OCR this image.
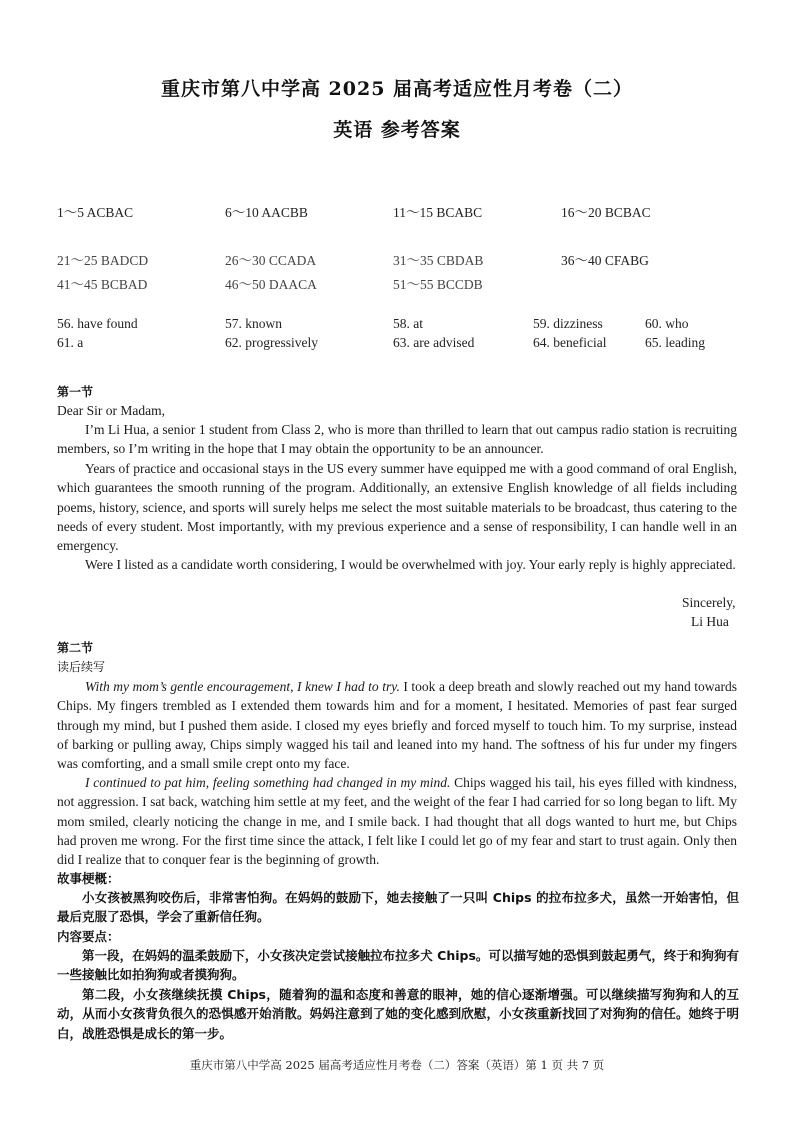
重庆市第八中学高 2025 届高考适应性月考卷（二）
英语 参考答案
1～5 ACBAC	6～10 AACBB	11～15 BCABC	16～20 BCBAC
21～25 BADCD	26～30 CCADA	31～35 CBDAB	36～40 CFABG
41～45 BCBAD	46～50 DAACA	51～55 BCCDB
56. have found	57. known	58. at	59. dizziness	60. who
61. a	62. progressively	63. are advised	64. beneficial	65. leading
第一节
Dear Sir or Madam,
I’m Li Hua, a senior 1 student from Class 2, who is more than thrilled to learn that out campus radio station is recruiting members, so I’m writing in the hope that I may obtain the opportunity to be an announcer.
Years of practice and occasional stays in the US every summer have equipped me with a good command of oral English, which guarantees the smooth running of the program. Additionally, an extensive English knowledge of all fields including poems, history, science, and sports will surely helps me select the most suitable materials to be broadcast, thus catering to the needs of every student. Most importantly, with my previous experience and a sense of responsibility, I can handle well in an emergency.
Were I listed as a candidate worth considering, I would be overwhelmed with joy. Your early reply is highly appreciated.
Sincerely,
Li Hua
第二节
读后续写
With my mom’s gentle encouragement, I knew I had to try. I took a deep breath and slowly reached out my hand towards Chips. My fingers trembled as I extended them towards him and for a moment, I hesitated. Memories of past fear surged through my mind, but I pushed them aside. I closed my eyes briefly and forced myself to touch him. To my surprise, instead of barking or pulling away, Chips simply wagged his tail and leaned into my hand. The softness of his fur under my fingers was comforting, and a small smile crept onto my face.
I continued to pat him, feeling something had changed in my mind. Chips wagged his tail, his eyes filled with kindness, not aggression. I sat back, watching him settle at my feet, and the weight of the fear I had carried for so long began to lift. My mom smiled, clearly noticing the change in me, and I smile back. I had thought that all dogs wanted to hurt me, but Chips had proven me wrong. For the first time since the attack, I felt like I could let go of my fear and start to trust again. Only then did I realize that to conquer fear is the beginning of growth.
故事梗概：
小女孩被黑狗咬伤后，非常害怕狗。在妈妈的鼓励下，她去接触了一只叫 Chips 的拉布拉多犬，虽然一开始害怕，但最后克服了恐惧，学会了重新信任狗。
内容要点：
第一段，在妈妈的温柔鼓励下，小女孩决定尝试接触拉布拉多犬 Chips。可以描写她的恐惧到鼓起勇气，终于和狗狗有一些接触比如拍狗狗或者摸狗狗。
第二段，小女孩继续抚摸 Chips，随着狗的温和态度和善意的眼神，她的信心逐渐增强。可以继续描写狗狗和人的互动，从而小女孩背负很久的恐惧感开始消散。妈妈注意到了她的变化感到欣慰，小女孩重新找回了对狗狗的信任。她终于明白，战胜恐惧是成长的第一步。
重庆市第八中学高 2025 届高考适应性月考卷（二）答案（英语）第 1 页 共 7 页
